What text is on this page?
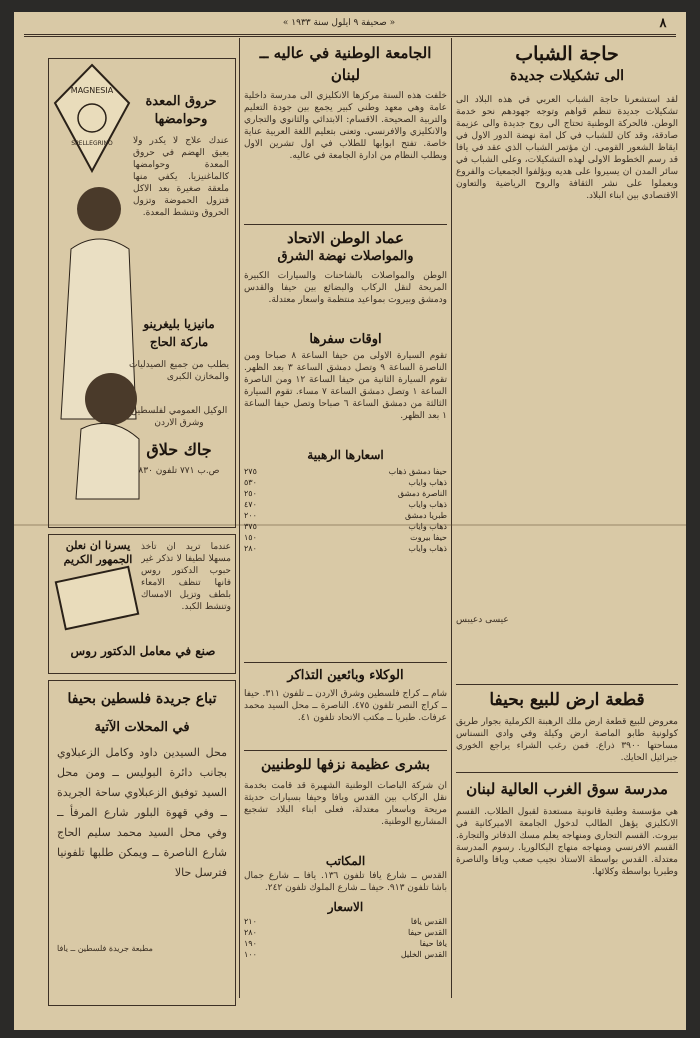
٨
« صحيفة ٩ ايلول سنة ١٩٣٣ »
حاجة الشباب
الى تشكيلات جديدة
لقد استشعرنا حاجة الشباب العربي في هذه البلاد الى تشكيلات جديدة تنظم قواهم وتوجه جهودهم نحو خدمة الوطن. فالحركة الوطنية تحتاج الى روح جديدة والى عزيمة صادقة، وقد كان للشباب في كل امة نهضة الدور الاول في ايقاظ الشعور القومي. ان مؤتمر الشباب الذي عقد في يافا قد رسم الخطوط الاولى لهذه التشكيلات، وعلى الشباب في سائر المدن ان يسيروا على هديه ويؤلفوا الجمعيات والفروع ويعملوا على نشر الثقافة والروح الرياضية والتعاون الاقتصادي بين ابناء البلاد.
عيسى دعيبس
قطعة ارض للبيع بحيفا
معروض للبيع قطعة ارض ملك الرهبنة الكرملية بجوار طريق كولونية طابو الماصة ارض وكيلة وفي وادي النسناس مساحتها ٣٩٠٠ ذراع. فمن رغب الشراء يراجع الخوري جبرائيل الحايك.
مدرسة سوق الغرب العالية لبنان
هي مؤسسة وطنية قانونية مستعدة لقبول الطلاب. القسم الانكليزي يؤهل الطالب لدخول الجامعة الاميركانية في بيروت. القسم التجاري ومنهاجه يعلم مسك الدفاتر والتجارة. القسم الافرنسي ومنهاجه منهاج البكالوريا. رسوم المدرسة معتدلة. القدس بواسطة الاستاذ نجيب صعب ويافا والناصرة وطبريا بواسطة وكلائها.
الجامعة الوطنية في عاليه ــ لبنان
خلفت هذه السنة مركزها الانكليزي الى مدرسة داخلية عامة وهي معهد وطني كبير يجمع بين جودة التعليم والتربية الصحيحة. الاقسام: الابتدائي والثانوي والتجاري والانكليزي والافرنسي. وتعنى بتعليم اللغة العربية عناية خاصة. تفتح ابوابها للطلاب في اول تشرين الاول ويطلب النظام من ادارة الجامعة في عاليه.
عماد الوطن الاتحاد
والمواصلات نهضة الشرق
الوطن والمواصلات بالشاحنات والسيارات الكبيرة المريحة لنقل الركاب والبضائع بين حيفا والقدس ودمشق وبيروت بمواعيد منتظمة واسعار معتدلة.
اوقات سفرها
تقوم السيارة الاولى من حيفا الساعة ٨ صباحا ومن الناصرة الساعة ٩ وتصل دمشق الساعة ٣ بعد الظهر. تقوم السيارة الثانية من حيفا الساعة ١٢ ومن الناصرة الساعة ١ وتصل دمشق الساعة ٧ مساء. تقوم السيارة الثالثة من دمشق الساعة ٦ صباحا وتصل حيفا الساعة ١ بعد الظهر.
اسعارها الرهبية
حيفا دمشق ذهاب
٢٧٥
ذهاب واياب
٥٣٠
الناصرة دمشق
٢٥٠
ذهاب واياب
٤٧٠
طبريا دمشق
٢٠٠
ذهاب واياب
٣٧٥
حيفا بيروت
١٥٠
ذهاب واياب
٢٨٠
الوكلاء وبائعين التذاكر
شام ــ كراج فلسطين وشرق الاردن ــ تلفون ٣١١. حيفا ــ كراج النصر تلفون ٤٧٥. الناصرة ــ محل السيد محمد عرفات. طبريا ــ مكتب الاتحاد تلفون ٤١.
بشرى عظيمة نزفها للوطنيين
ان شركة الباصات الوطنية الشهيرة قد قامت بخدمة نقل الركاب بين القدس ويافا وحيفا بسيارات حديثة مريحة وباسعار معتدلة، فعلى ابناء البلاد تشجيع المشاريع الوطنية.
المكاتب
القدس ــ شارع يافا تلفون ١٣٦. يافا ــ شارع جمال باشا تلفون ٩١٣. حيفا ــ شارع الملوك تلفون ٢٤٢.
الاسعار
القدس يافا
٢١٠
القدس حيفا
٢٨٠
يافا حيفا
١٩٠
القدس الخليل
١٠٠
MAGNESIA
SPELLEGRINO
حروق المعدة وحوامضها
عندك علاج لا يكدر ولا يعيق الهضم في حروق المعدة وحوامضها كالماغنيزيا. يكفي منها ملعقة صغيرة بعد الاكل فتزول الحموضة وتزول الحروق وتنشط المعدة.
مانيزيا بليغرينو ماركة الحاج
يطلب من جميع الصيدليات والمخازن الكبرى
الوكيل العمومي لفلسطين وشرق الاردن
جاك حلاق
ص.ب ٧٧١ تلفون ٨٣٠
يسرنا ان نعلن الجمهور الكريم
عندما تريد ان تأخذ مسهلا لطيفا لا تذكر غير حبوب الدكتور روس فانها تنظف الامعاء بلطف وتزيل الامساك وتنشط الكبد.
صنع في معامل الدكتور روس
تباع جريدة فلسطين بحيفا
في المحلات الآتية
محل السيدين داود وكامل الزعبلاوي بجانب دائرة البوليس ــ ومن محل السيد توفيق الزعبلاوي ساحة الجريدة ــ وفي قهوة البلور شارع المرفأ ــ وفي محل السيد محمد سليم الحاج شارع الناصرة ــ ويمكن طلبها تلفونيا فترسل حالا
مطبعة جريدة فلسطين ــ يافا
